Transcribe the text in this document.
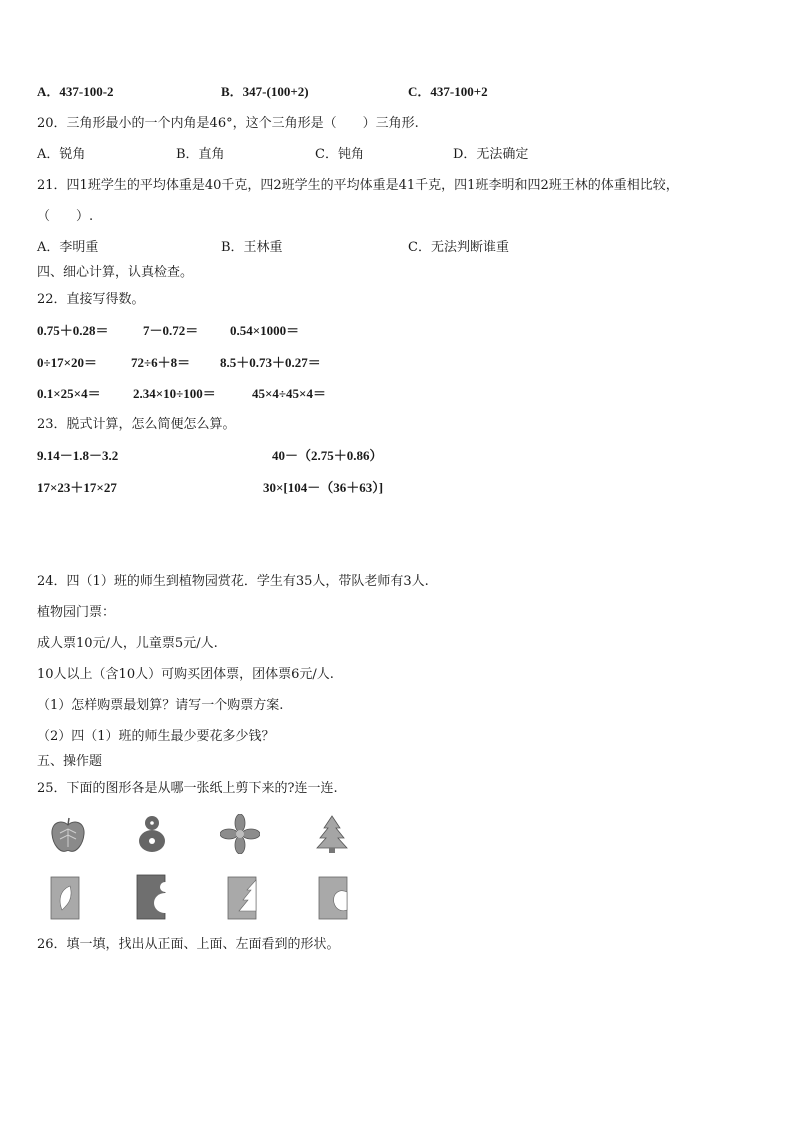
A．437-100-2	B．347-(100+2)	C．437-100+2
20．三角形最小的一个内角是46°，这个三角形是（　　）三角形.
A．锐角	B．直角	C．钝角	D．无法确定
21．四1班学生的平均体重是40千克，四2班学生的平均体重是41千克，四1班李明和四2班王林的体重相比较，
（　　）.
A．李明重	B．王林重	C．无法判断谁重
四、细心计算，认真检查。
22．直接写得数。
0.75＋0.28＝	7－0.72＝ 0.54×1000＝
0÷17×20＝	72÷6＋8＝ 8.5＋0.73＋0.27＝
0.1×25×4＝ 2.34×10÷100＝	45×4÷45×4＝
23．脱式计算，怎么简便怎么算。
9.14－1.8－3.2	40－（2.75＋0.86）
17×23＋17×27	30×[104－（36＋63）]
24．四（1）班的师生到植物园赏花．学生有35人，带队老师有3人.
植物园门票：
成人票10元/人，儿童票5元/人.
10人以上（含10人）可购买团体票，团体票6元/人.
（1）怎样购票最划算？请写一个购票方案.
（2）四（1）班的师生最少要花多少钱？
五、操作题
25．下面的图形各是从哪一张纸上剪下来的?连一连.
26．填一填，找出从正面、上面、左面看到的形状。
